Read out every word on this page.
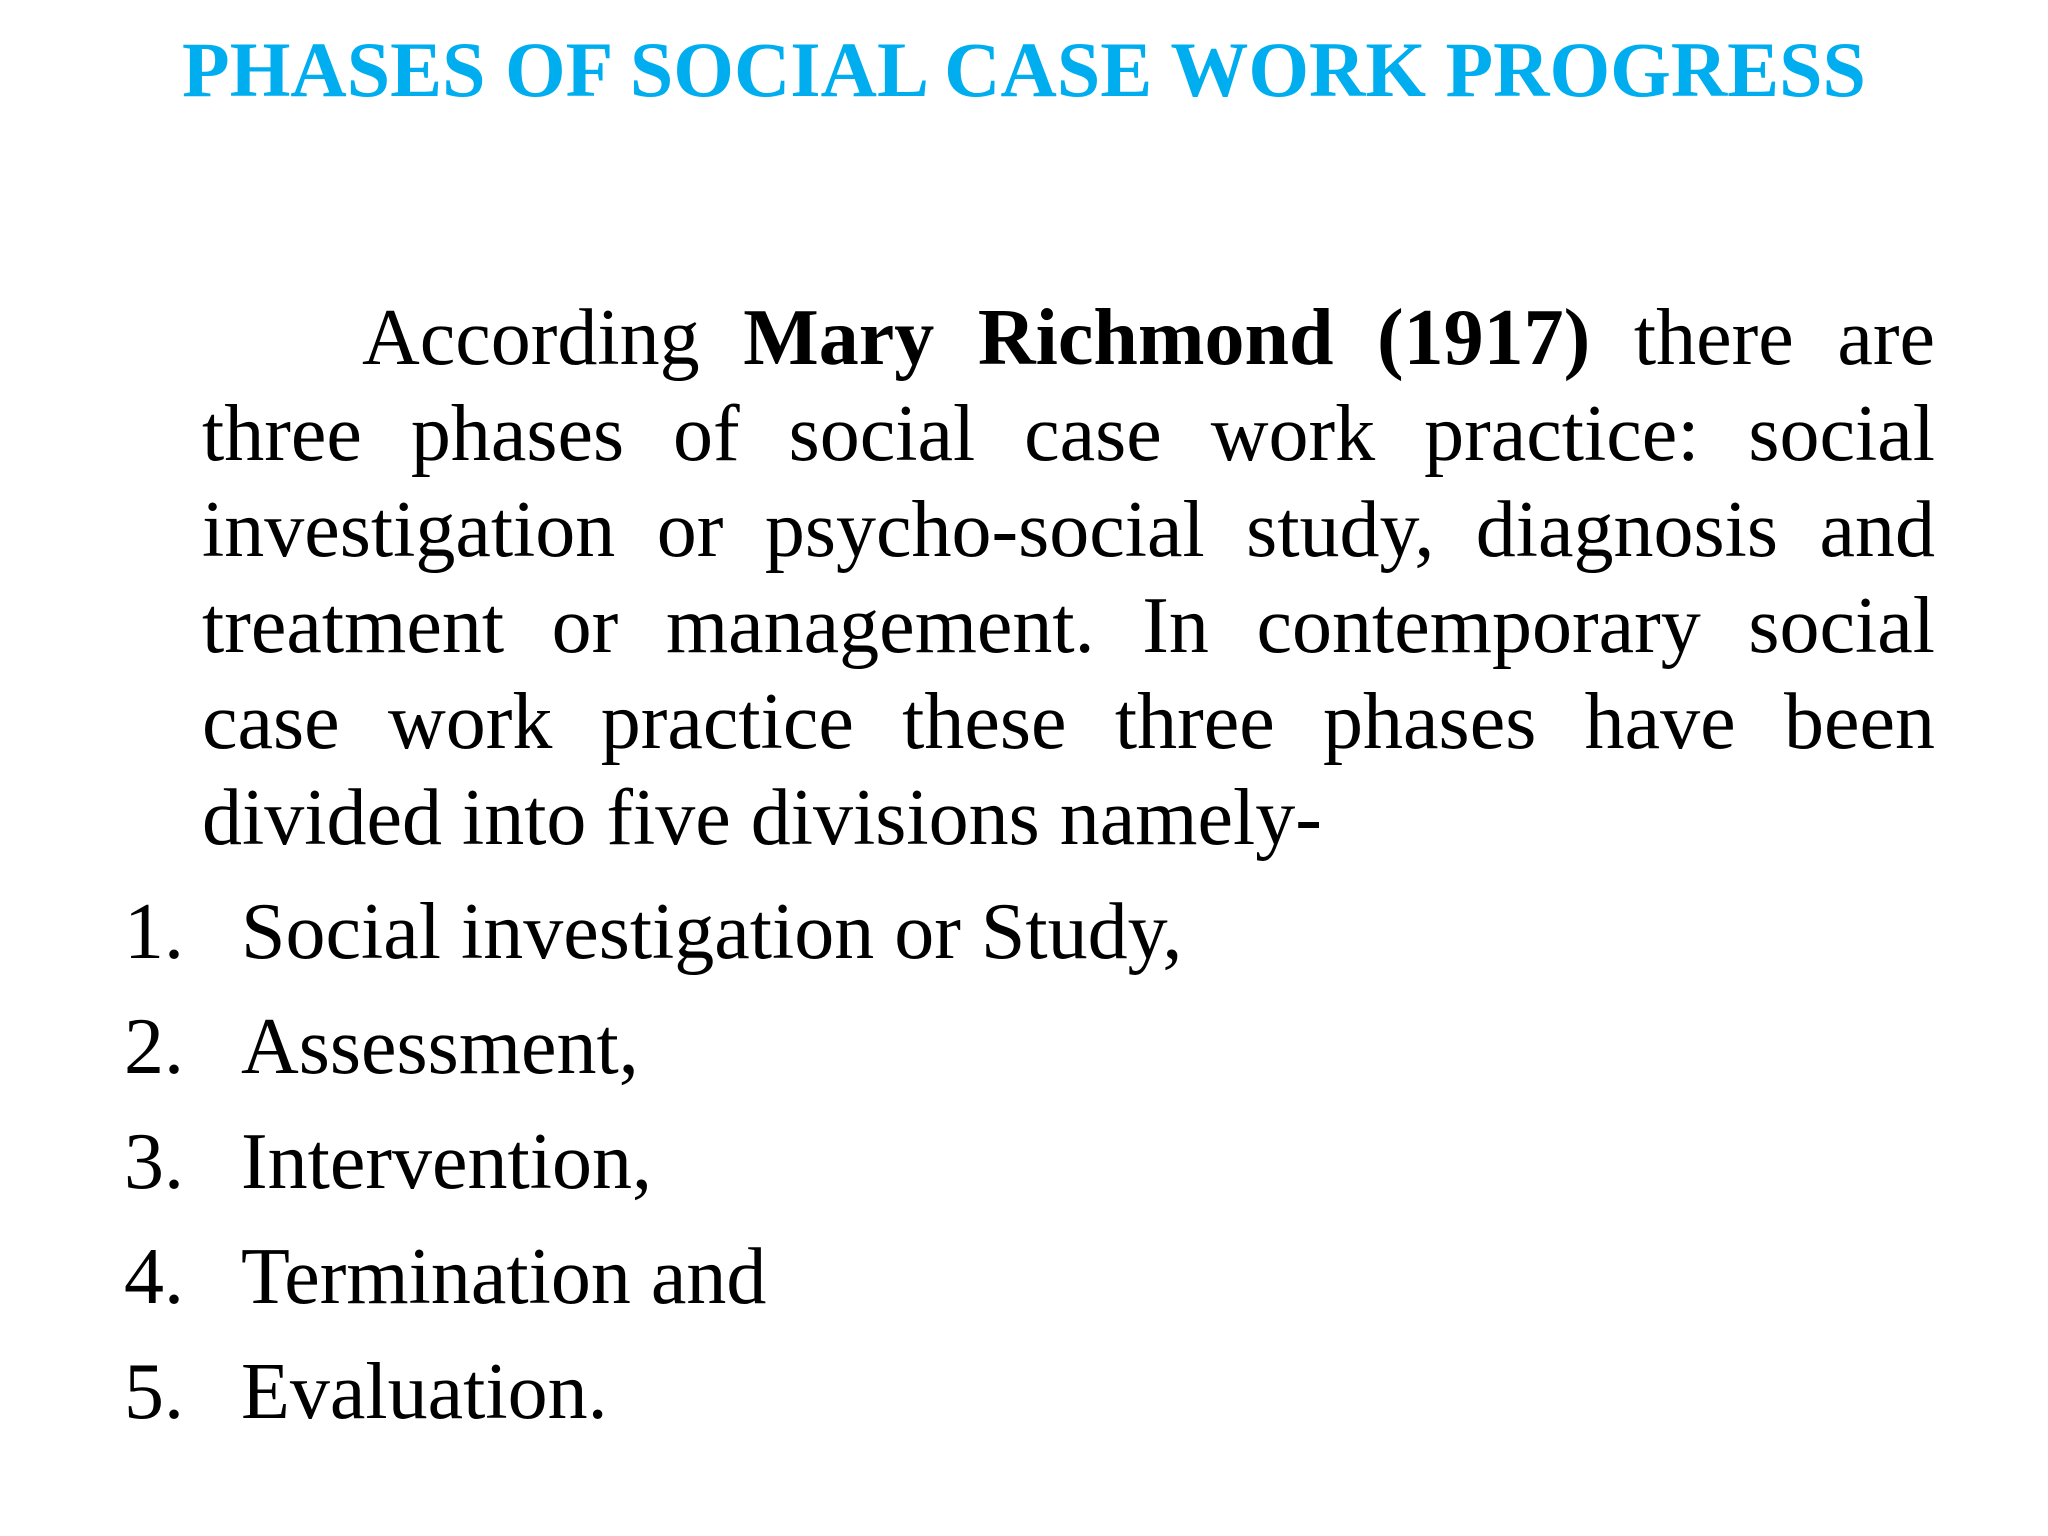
PHASES OF SOCIAL CASE WORK PROGRESS

According Mary Richmond (1917) there are three phases of social case work practice: social investigation or psycho-social study, diagnosis and treatment or management. In contemporary social case work practice these three phases have been divided into five divisions namely-

1. Social investigation or Study,
2. Assessment,
3. Intervention,
4. Termination and
5. Evaluation.
